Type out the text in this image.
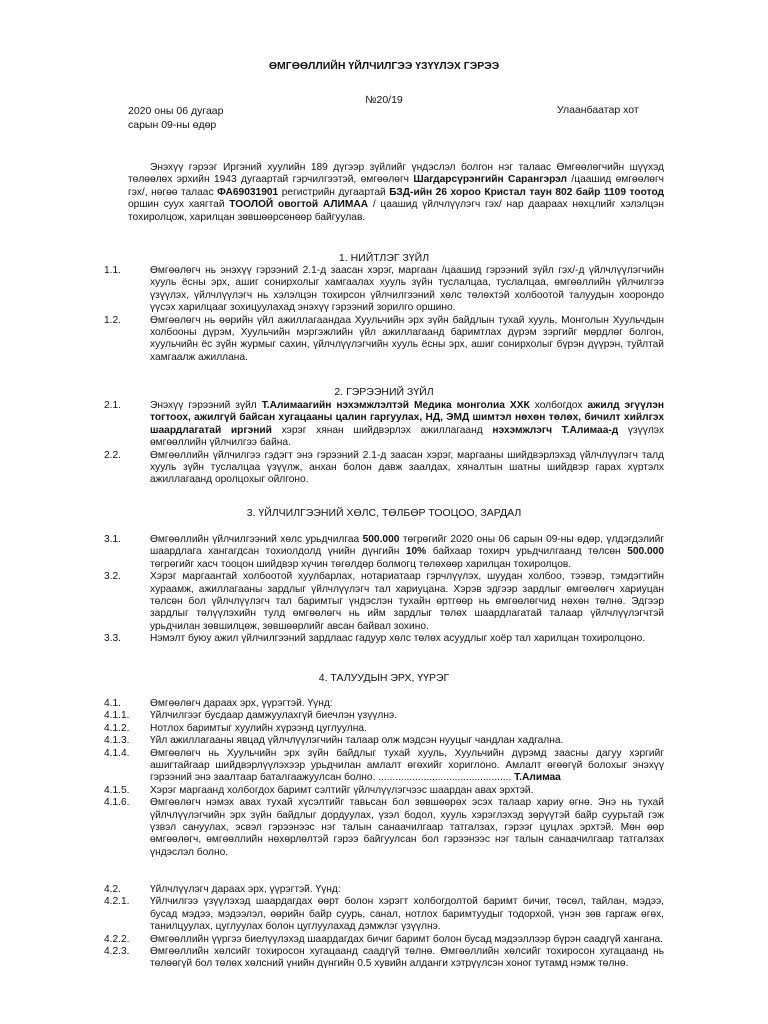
ӨМГӨӨЛЛИЙН ҮЙЛЧИЛГЭЭ ҮЗҮҮЛЭХ ГЭРЭЭ
№20/19
2020 оны 06 дугаар
сарын 09-ны өдөр
Улаанбаатар хот

Энэхүү гэрээг Иргэний хуулийн 189 дүгээр зүйлийг үндэслэл болгон нэг талаас Өмгөөлөгчийн шүүхэд төлөөлөх эрхийн 1943 дугаартай гэрчилгээтэй, өмгөөлөгч Шагдарсүрэнгийн Сарангэрэл /цаашид өмгөөлөгч гэх/, нөгөө талаас ФА69031901 регистрийн дугаартай БЗД-ийн 26 хороо Кристал таун 802 байр 1109 тоотод оршин суух хаягтай ТООЛОЙ овогтой АЛИМАА / цаашид үйлчлүүлэгч гэх/ нар даараах нөхцлийг хэлэлцэн тохиролцож, харилцан зөвшөөрсөнөөр байгуулав.

1. НИЙТЛЭГ ЗҮЙЛ
1.1.	Өмгөөлөгч нь энэхүү гэрээний 2.1-д заасан хэрэг, маргаан /цаашид гэрээний зүйл гэх/-д үйлчлүүлэгчийн хууль ёсны эрх, ашиг сонирхолыг хамгаалах хууль зүйн туслалцаа, туслалцаа, өмгөөллийн үйлчилгээ үзүүлэх, үйлчлүүлэгч нь хэлэлцэн тохирсон үйлчилгээний хөлс төлөхтэй холбоотой талуудын хоорондо үүсэх харилцааг зохицуулахад энэхүү гэрээний зорилго оршино.
1.2.	Өмгөөлөгч нь өөрийн үйл ажиллагаандаа Хуульчийн эрх зүйн байдлын тухай хууль, Монголын Хуульчдын холбооны дүрэм, Хуульчийн мэргэжлийн үйл ажиллагаанд баримтлах дүрэм зэргийг мөрдлөг болгон, хуульчийн ёс зүйн журмыг сахин, үйлчлүүлэгчийн хууль ёсны эрх, ашиг сонирхолыг бүрэн дүүрэн, туйлтай хамгаалж ажиллана.
2. ГЭРЭЭНИЙ ЗҮЙЛ
2.1.	Энэхүү гэрээний зүйл Т.Алимаагийн нэхэмжлэлтэй Медика монголиа ХХК холбогдох ажилд эгүүлэн тогтоох, ажилгүй байсан хугацааны цалин гаргуулах, НД, ЭМД шимтэл нөхөн төлөх, бичилт хийлгэх шаардлагатай иргэний хэрэг хянан шийдвэрлэх ажиллагаанд нэхэмжлэгч Т.Алимаа-д үзүүлэх өмгөөллийн үйлчилгээ байна.
2.2.	Өмгөөллийн үйлчилгээ гэдэгт энэ гэрээний 2.1-д заасан хэрэг, маргааны шийдвэрлэхэд үйлчлүүлэгч талд хууль зүйн туслалцаа үзүүлж, анхан болон давж заалдах, хяналтын шатны шийдвэр гарах хүртэлх ажиллагаанд оролцохыг ойлгоно.
3. ҮЙЛЧИЛГЭЭНИЙ ХӨЛС, ТӨЛБӨР ТООЦОО, ЗАРДАЛ
3.1.	Өмгөөллийн үйлчилгээний хөлс урьдчилгаа 500.000 төгрөгийг 2020 оны 06 сарын 09-ны өдөр, үлдэгдэлийг шаардлага хангагдсан тохиолдолд үнийн дүнгийн 10% байхаар тохирч урьдчилгаанд төлсөн 500.000 төгрөгийг хасч тооцон шийдвэр хүчин төгөлдөр болмогц төлөхөөр харилцан тохиролцов.
3.2.	Хэрэг маргаантай холбоотой хуулбарлах, нотариатаар гэрчлүүлэх, шуудан холбоо, тээвэр, тэмдэгтийн хураамж, ажиллагааны зардлыг үйлчлүүлэгч тал хариуцана. Хэрэв эдгээр зардлыг өмгөөлөгч хариуцан төлсөн бол үйлчлүүлэгч тал баримтыг үндэслэн тухайн өртгөөр нь өмгөөлөгчид нөхөн төлнө. Эдгээр зардлыг төлүүлэхийн тулд өмгөөлөгч нь ийм зардлыг төлөх шаардлагатай талаар үйлчлүүлэгчтэй урьдчилан зөвшилцөж, зөвшөөрлийг авсан байвал зохино.
3.3.	Нэмэлт буюу ажил үйлчилгээний зардлаас гадуур хөлс төлөх асуудлыг хоёр тал харилцан тохиролцоно.
4. ТАЛУУДЫН ЭРХ, ҮҮРЭГ
4.1.	Өмгөөлөгч дараах эрх, үүрэгтэй. Үүнд:
4.1.1.	Үйлчилгээг бусдаар дамжуулахгүй биечлэн үзүүлнэ.
4.1.2.	Нотлох баримтыг хуулийн хүрээнд цуглуулна.
4.1.3.	Үйл ажиллагааны явцад үйлчлүүлэгчийн талаар олж мэдсэн нууцыг чандлан хадгална.
4.1.4.	Өмгөөлөгч нь Хуульчийн эрх зүйн байдлыг тухай хууль, Хуульчийн дүрэмд заасны дагуу хэргийг ашигтайгаар шийдвэрлүүлэхээр урьдчилан амлалт өгөхийг хориглоно. Амлалт өгөөгүй болохыг энэхүү гэрээний энэ заалтаар баталгаажуулсан болно. ............................................... Т.Алимаа
4.1.5.	Хэрэг маргаанд холбогдох баримт сэлтийг үйлчлүүлэгчээс шаардан авах эрхтэй.
4.1.6.	Өмгөөлөгч нэмэх авах тухай хүсэлтийг тавьсан бол зөвшөөрөх эсэх талаар хариу өгнө. Энэ нь тухай үйлчлүүлэгчийн эрх зүйн байдлыг дордуулах, үзэл бодол, хууль хэрэглэхэд зөрүүтэй байр суурьтай гэж үзвэл сануулах, эсвэл гэрээнээс нэг талын санаачилгаар татгалзах, гэрээг цуцлах эрхтэй. Мөн өөр өмгөөлөгч, өмгөөллийн нөхөрлөлтэй гэрээ байгуулсан бол гэрээнээс нэг талын санаачилгаар татгалзах үндэслэл болно.
4.2.	Үйлчлүүлэгч дараах эрх, үүрэгтэй. Үүнд:
4.2.1.	Үйлчилгээ үзүүлэхэд шаардагдах өөрт болон хэрэгт холбогдолтой баримт бичиг, төсөл, тайлан, мэдээ, бусад мэдээ, мэдээлэл, өөрийн байр суурь, санал, нотлох баримтуудыг тодорхой, үнэн зөв гаргаж өгөх, танилцуулах, цуглуулах болон цуглуулахад дэмжлэг үзүүлнэ.
4.2.2.	Өмгөөллийн үүргээ биелүүлэхэд шаардагдах бичиг баримт болон бусад мэдээллээр бүрэн саадгүй хангана.
4.2.3.	Өмгөөллийн хөлсийг тохиросон хугацаанд саадгүй төлнө. Өмгөөллийн хөлсийг тохиросон хугацаанд нь төлөөгүй бол төлөх хөлсний үнийн дүнгийн 0.5 хувийн алданги хэтрүүлсэн хоног тутамд нэмж төлнө.
